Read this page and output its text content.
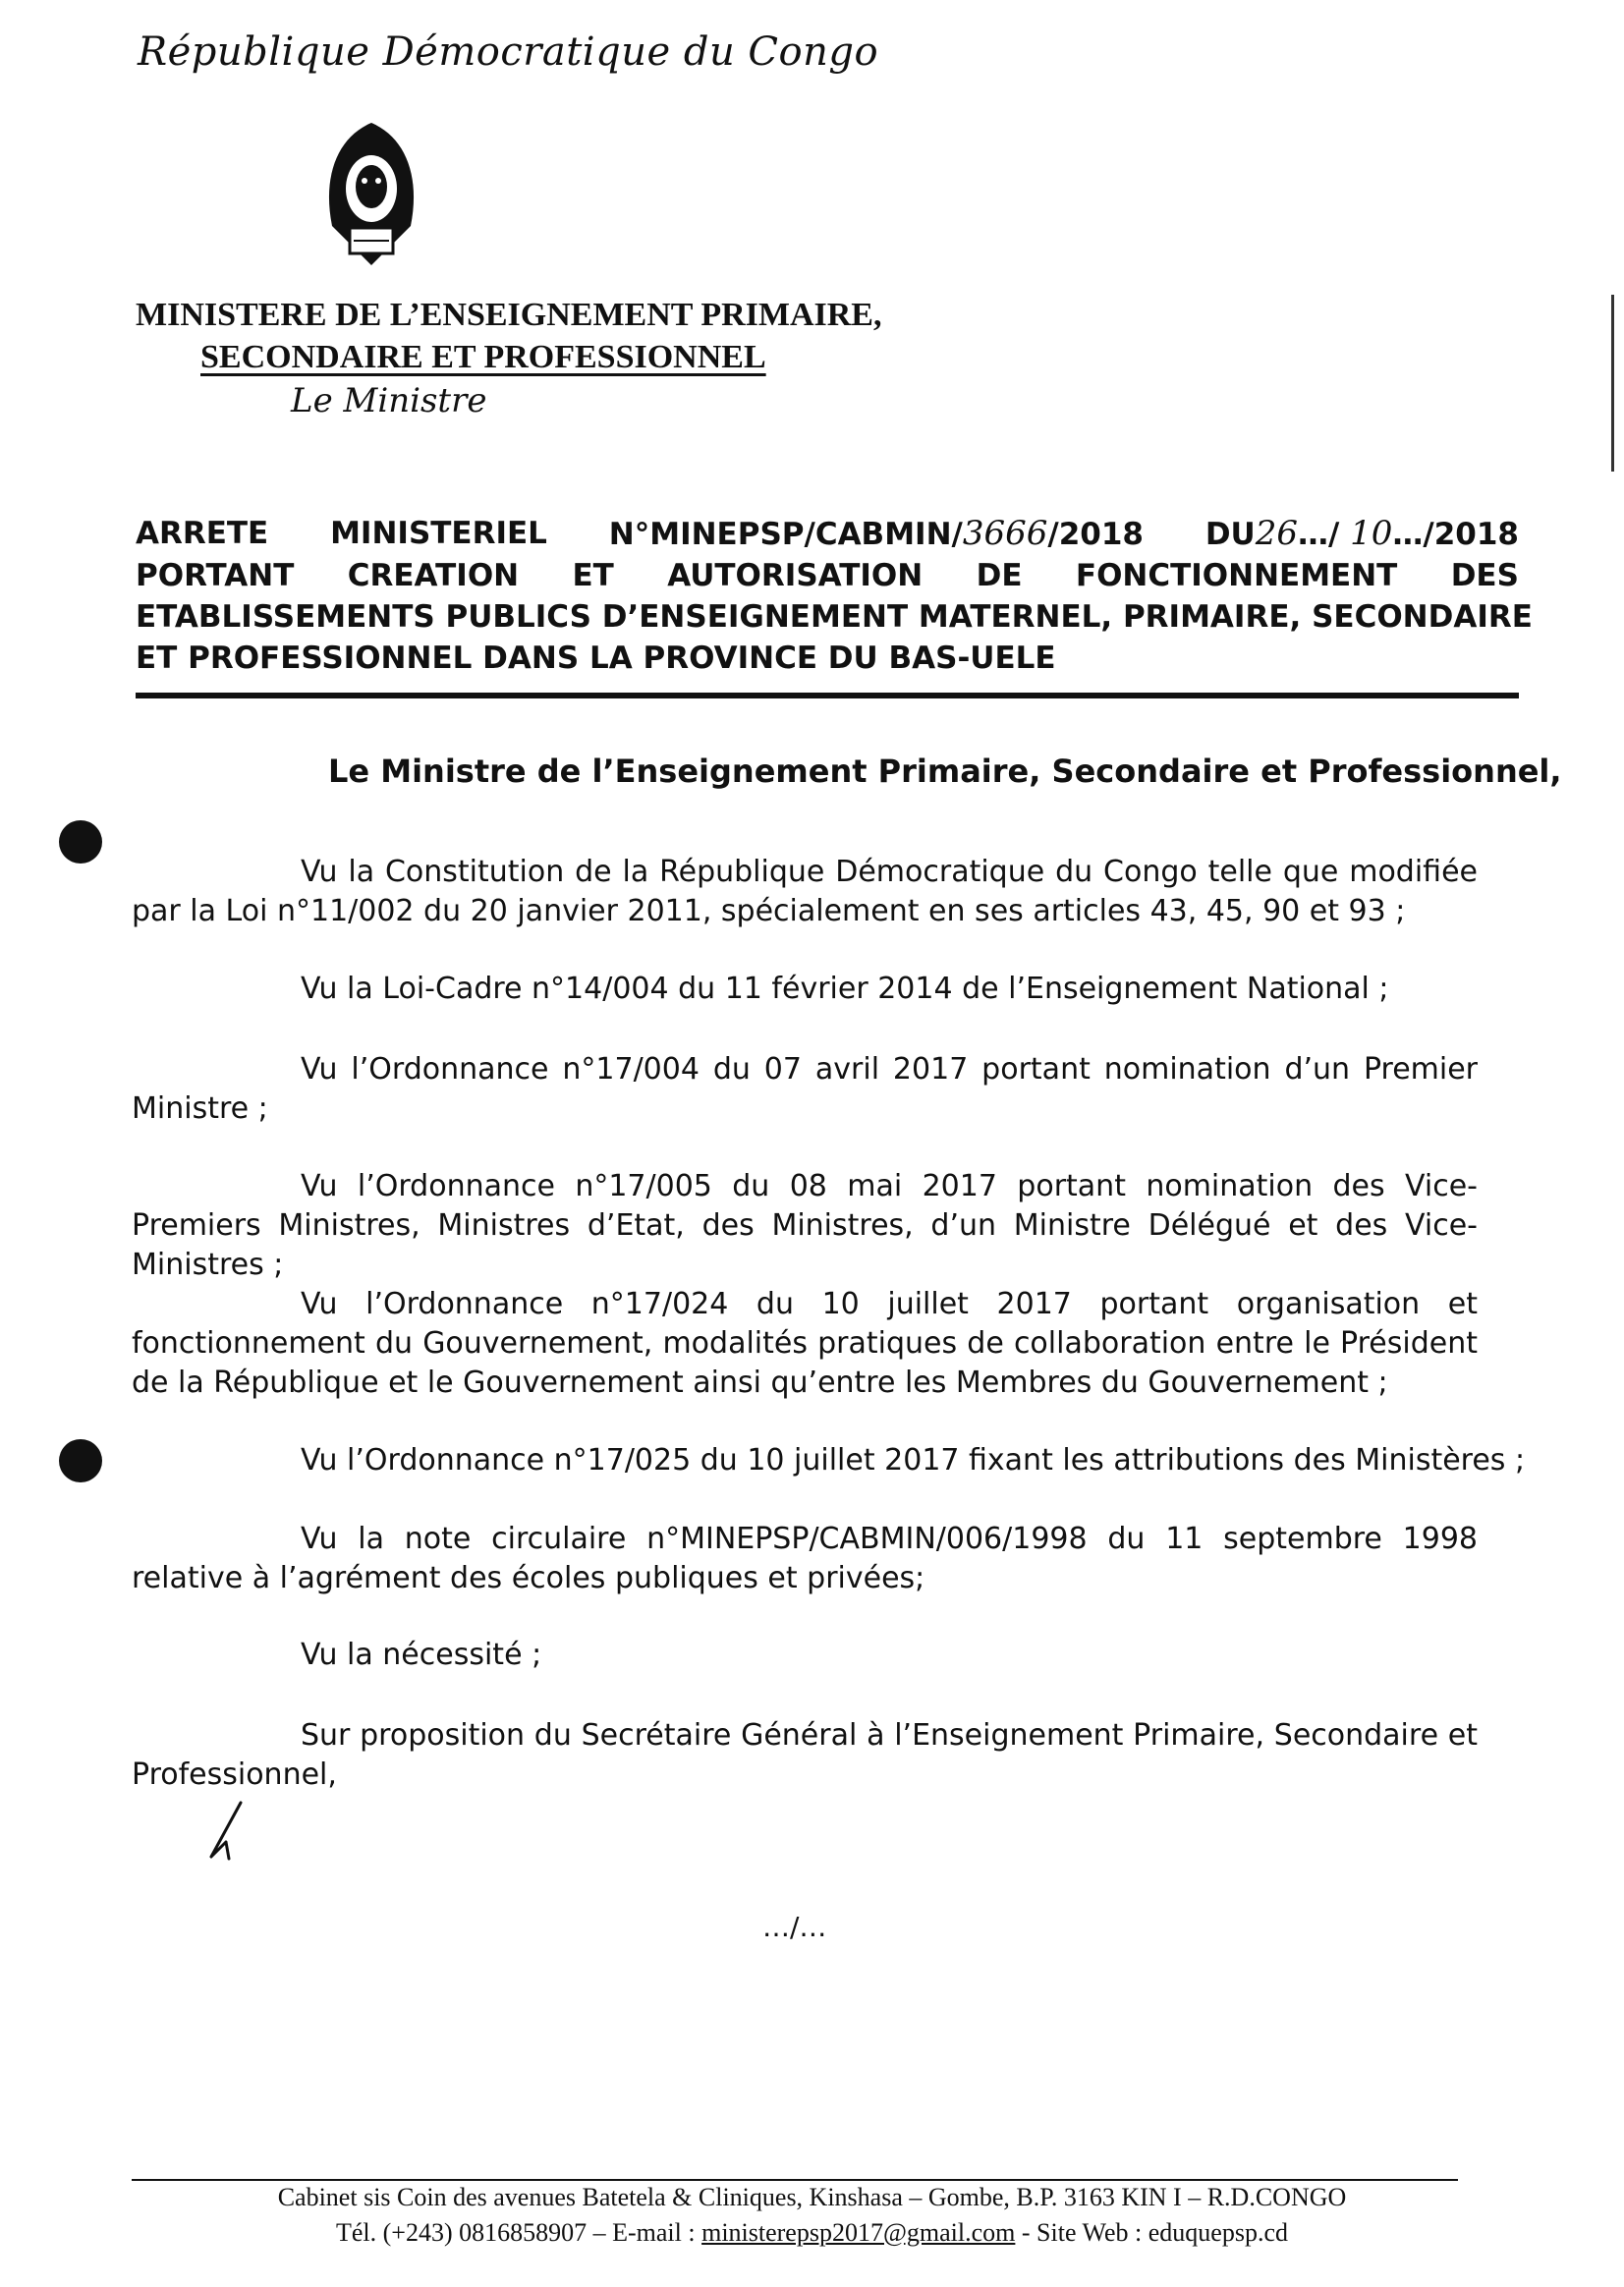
République Démocratique du Congo
MINISTERE DE L’ENSEIGNEMENT PRIMAIRE,
SECONDAIRE ET PROFESSIONNEL
Le Ministre
ARRETE MINISTERIEL N°MINEPSP/CABMIN/3666/2018 DU26…/ 10…/2018
PORTANT CREATION ET AUTORISATION DE FONCTIONNEMENT DES
ETABLISSEMENTS PUBLICS D’ENSEIGNEMENT MATERNEL, PRIMAIRE, SECONDAIRE
ET PROFESSIONNEL DANS LA PROVINCE DU BAS-UELE
Le Ministre de l’Enseignement Primaire, Secondaire et Professionnel,
Vu la Constitution de la République Démocratique du Congo telle que modifiée par la Loi n°11/002 du 20 janvier 2011, spécialement en ses articles 43, 45, 90 et 93 ;
Vu la Loi-Cadre n°14/004 du 11 février 2014 de l’Enseignement National ;
Vu l’Ordonnance n°17/004 du 07 avril 2017 portant nomination d’un Premier Ministre ;
Vu l’Ordonnance n°17/005 du 08 mai 2017 portant nomination des Vice-Premiers Ministres, Ministres d’Etat, des Ministres, d’un Ministre Délégué et des Vice-Ministres ;
Vu l’Ordonnance n°17/024 du 10 juillet 2017 portant organisation et fonctionnement du Gouvernement, modalités pratiques de collaboration entre le Président de la République et le Gouvernement ainsi qu’entre les Membres du Gouvernement ;
Vu l’Ordonnance n°17/025 du 10 juillet 2017 fixant les attributions des Ministères ;
Vu la note circulaire n°MINEPSP/CABMIN/006/1998 du 11 septembre 1998 relative à l’agrément des écoles publiques et privées;
Vu la nécessité ;
Sur proposition du Secrétaire Général à l’Enseignement Primaire, Secondaire et Professionnel,
…/…
Cabinet sis Coin des avenues Batetela & Cliniques, Kinshasa – Gombe, B.P. 3163 KIN I – R.D.CONGO
Tél. (+243) 0816858907 – E-mail : ministerepsp2017@gmail.com - Site Web : eduquepsp.cd
